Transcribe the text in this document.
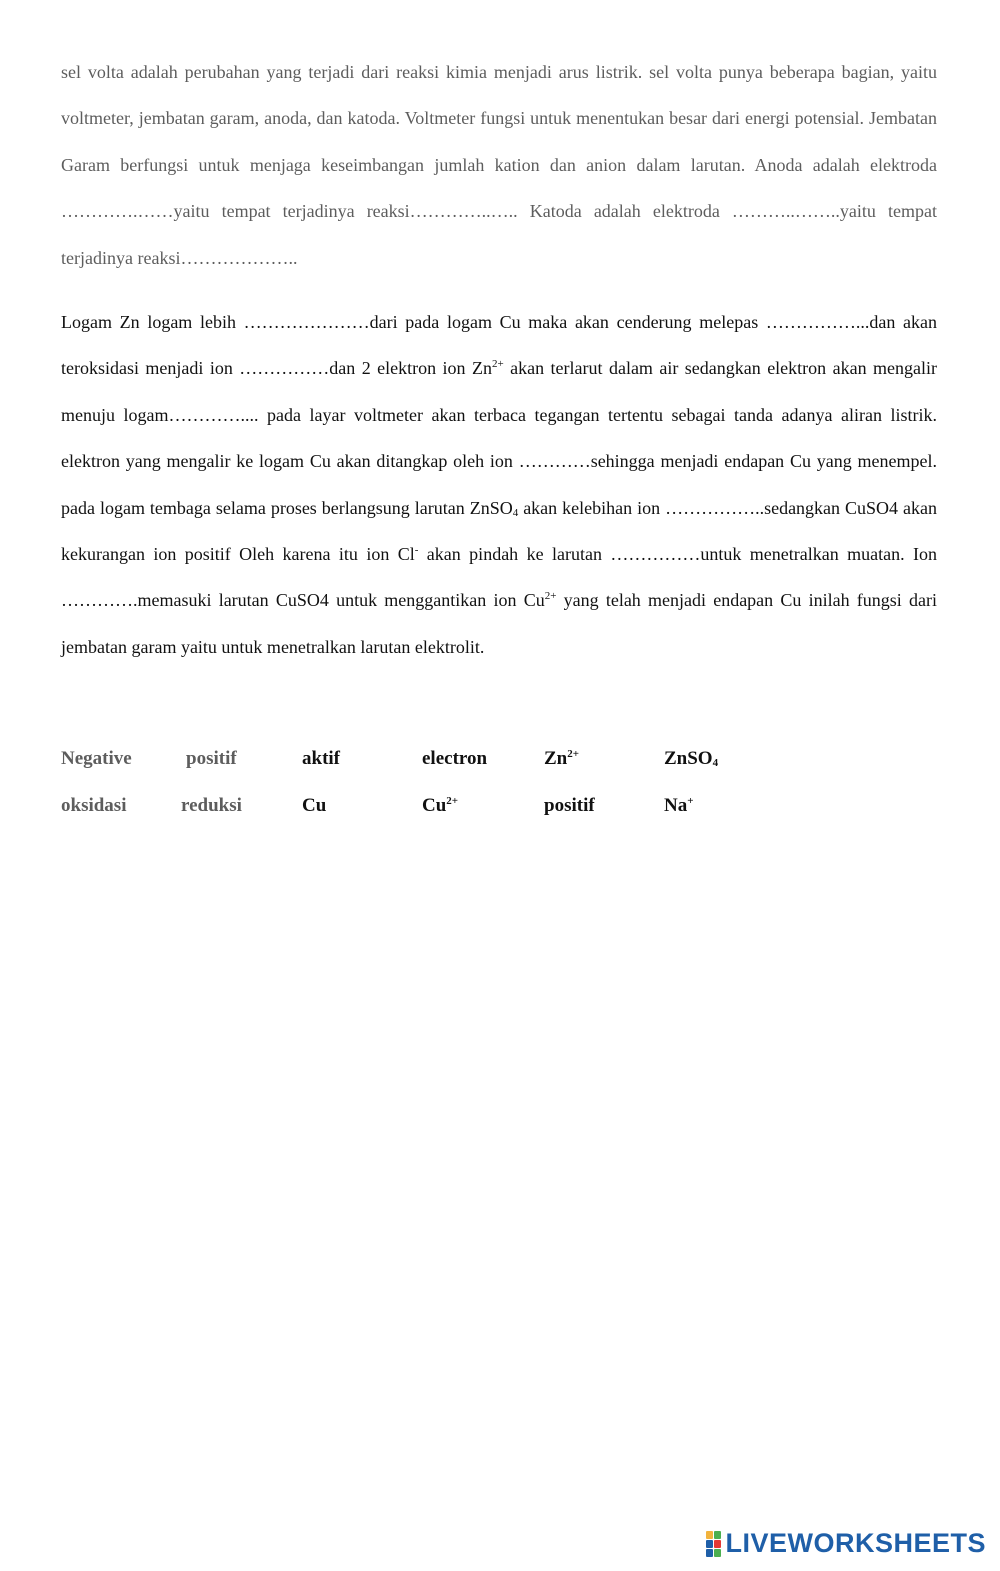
sel volta adalah perubahan yang terjadi dari reaksi kimia menjadi arus listrik. sel volta punya beberapa bagian, yaitu voltmeter, jembatan garam, anoda, dan katoda. Voltmeter fungsi untuk menentukan besar dari energi potensial. Jembatan Garam berfungsi untuk menjaga keseimbangan jumlah kation dan anion dalam larutan. Anoda adalah elektroda ………….……yaitu tempat terjadinya reaksi…………..….. Katoda adalah elektroda ………..……..yaitu tempat terjadinya reaksi………………..

Logam Zn logam lebih …………………dari pada logam Cu maka akan cenderung melepas ……………...dan akan teroksidasi menjadi ion ……………dan 2 elektron ion $Zn^{2+}$ akan terlarut dalam air sedangkan elektron akan mengalir menuju logam………….... pada layar voltmeter akan terbaca tegangan tertentu sebagai tanda adanya aliran listrik. elektron yang mengalir ke logam Cu akan ditangkap oleh ion …………sehingga menjadi endapan Cu yang menempel. pada logam tembaga selama proses berlangsung larutan ZnSO$_4$ akan kelebihan ion ……………..sedangkan CuSO4 akan kekurangan ion positif Oleh karena itu ion Cl- akan pindah ke larutan ……………untuk menetralkan muatan. Ion ………….memasuki larutan CuSO4 untuk menggantikan ion $Cu^{2+}$ yang telah menjadi endapan Cu inilah fungsi dari jembatan garam yaitu untuk menetralkan larutan elektrolit.

Negative	positif	aktif	electron	$Zn^{2+}$	ZnSO$_4$
oksidasi	reduksi	Cu	$Cu^{2+}$	positif	Na+
LIVEWORKSHEETS
